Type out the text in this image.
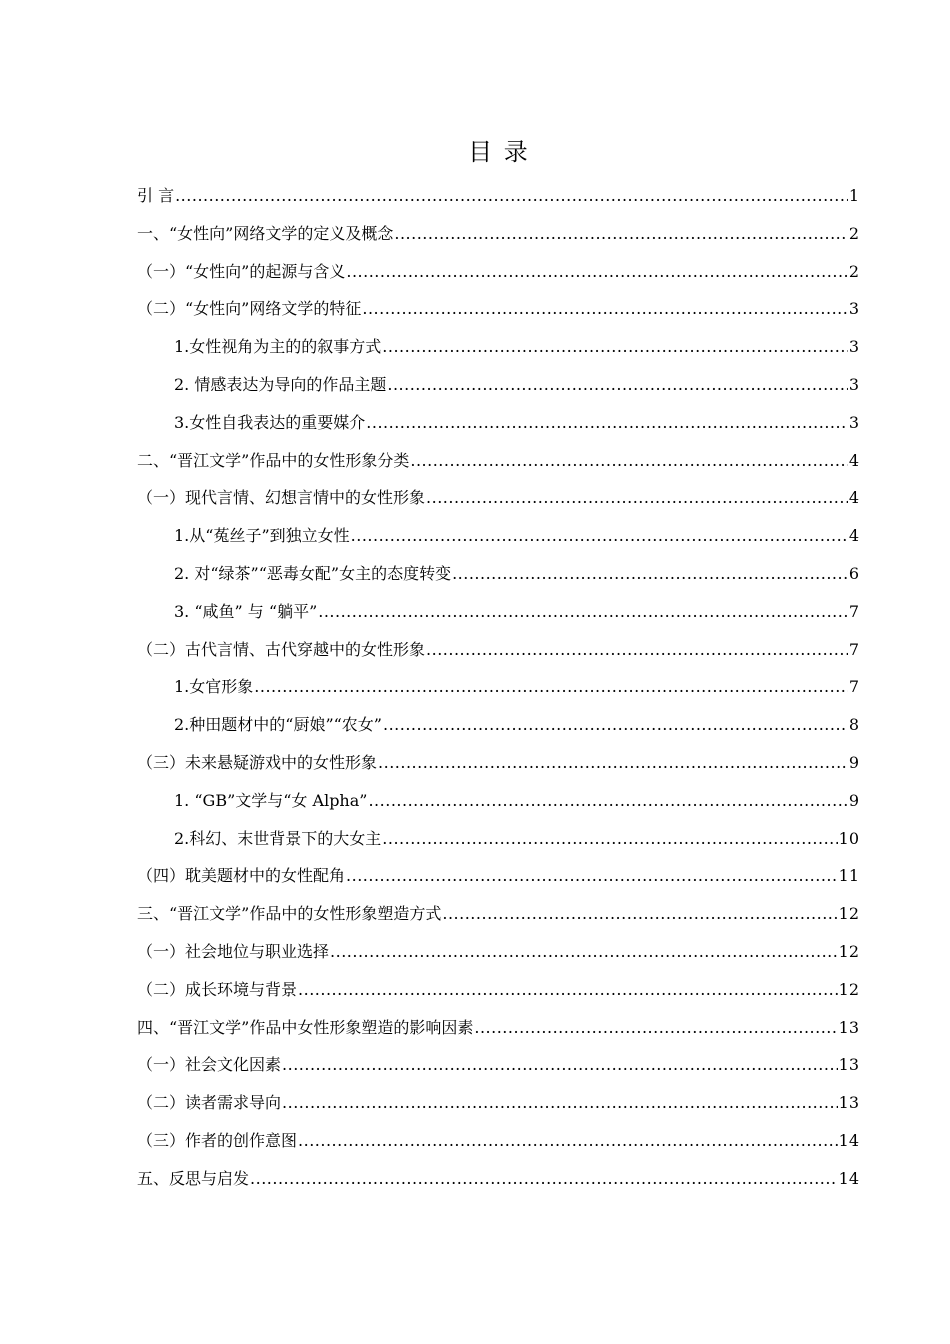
目 录
引 言 .....	1
一、“女性向”网络文学的定义及概念 .....	2
（一）“女性向”的起源与含义 .....	2
（二）“女性向”网络文学的特征 .....	3
1.女性视角为主的的叙事方式 .....	3
2. 情感表达为导向的作品主题 .....	3
3.女性自我表达的重要媒介 .....	3
二、“晋江文学”作品中的女性形象分类 .....	4
（一）现代言情、幻想言情中的女性形象 .....	4
1.从“菟丝子”到独立女性 .....	4
2. 对“绿茶”“恶毒女配”女主的态度转变 .....	6
3. “咸鱼” 与 “躺平” .....	7
（二）古代言情、古代穿越中的女性形象 .....	7
1.女官形象 .....	7
2.种田题材中的“厨娘”“农女” .....	8
（三）未来悬疑游戏中的女性形象 .....	9
1. “GB”文学与“女 Alpha” .....	9
2.科幻、末世背景下的大女主 .....	10
（四）耽美题材中的女性配角 .....	11
三、“晋江文学”作品中的女性形象塑造方式 .....	12
（一）社会地位与职业选择 .....	12
（二）成长环境与背景 .....	12
四、“晋江文学”作品中女性形象塑造的影响因素 .....	13
（一）社会文化因素 .....	13
（二）读者需求导向 .....	13
（三）作者的创作意图 .....	14
五、反思与启发 .....	14
